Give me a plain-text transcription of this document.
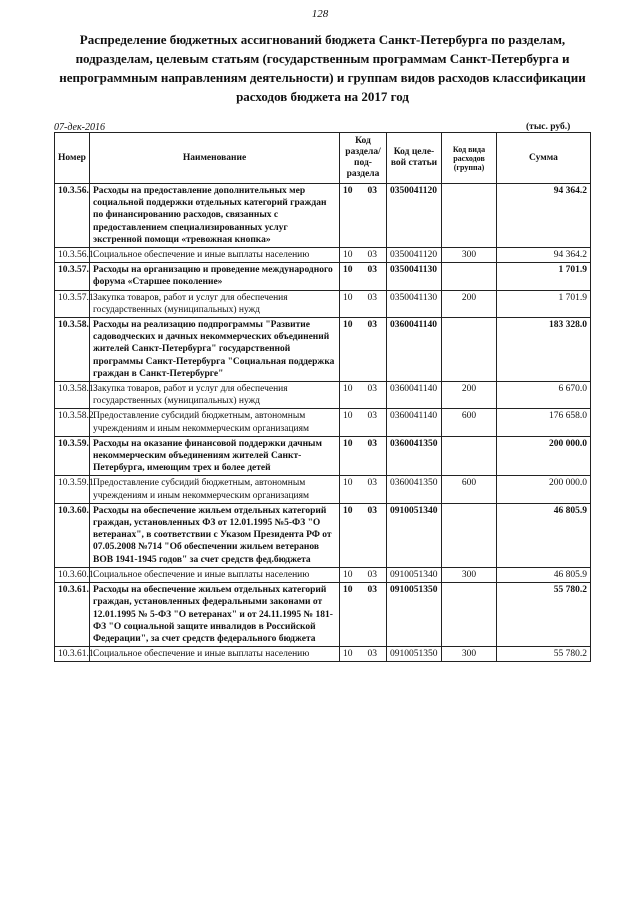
128
Распределение бюджетных ассигнований бюджета Санкт-Петербурга по разделам, подразделам, целевым статьям (государственным программам Санкт-Петербурга и непрограммным направлениям деятельности) и группам видов расходов классификации расходов бюджета на 2017 год
07-дек-2016	(тыс. руб.)
Номер	Наименование	Код раздела/ под- раздела	Код целе- вой статьи	Код вида расходов (группа)	Сумма
10.3.56.	Расходы на предоставление дополнительных мер социальной поддержки отдельных категорий граждан по финансированию расходов, связанных с предоставлением специализированных услуг экстренной помощи «тревожная кнопка»	10 03	0350041120		94 364.2
10.3.56.1.	Социальное обеспечение и иные выплаты населению	10 03	0350041120	300	94 364.2
10.3.57.	Расходы на организацию и проведение международного форума «Старшее поколение»	10 03	0350041130		1 701.9
10.3.57.1.	Закупка товаров, работ и услуг для обеспечения государственных (муниципальных) нужд	10 03	0350041130	200	1 701.9
10.3.58.	Расходы на реализацию подпрограммы "Развитие садоводческих и дачных некоммерческих объединений жителей Санкт-Петербурга" государственной программы Санкт-Петербурга "Социальная поддержка граждан в Санкт-Петербурге"	10 03	0360041140		183 328.0
10.3.58.1.	Закупка товаров, работ и услуг для обеспечения государственных (муниципальных) нужд	10 03	0360041140	200	6 670.0
10.3.58.2.	Предоставление субсидий бюджетным, автономным учреждениям и иным некоммерческим организациям	10 03	0360041140	600	176 658.0
10.3.59.	Расходы на оказание финансовой поддержки дачным некоммерческим объединениям жителей Санкт-Петербурга, имеющим трех и более детей	10 03	0360041350		200 000.0
10.3.59.1.	Предоставление субсидий бюджетным, автономным учреждениям и иным некоммерческим организациям	10 03	0360041350	600	200 000.0
10.3.60.	Расходы на обеспечение жильем отдельных категорий граждан, установленных ФЗ от 12.01.1995 №5-ФЗ "О ветеранах", в соответствии с Указом Президента РФ от 07.05.2008 №714 "Об обеспечении жильем ветеранов ВОВ 1941-1945 годов" за счет средств фед.бюджета	10 03	0910051340		46 805.9
10.3.60.1.	Социальное обеспечение и иные выплаты населению	10 03	0910051340	300	46 805.9
10.3.61.	Расходы на обеспечение жильем отдельных категорий граждан, установленных федеральными законами от 12.01.1995 № 5-ФЗ "О ветеранах" и от 24.11.1995 № 181-ФЗ "О социальной защите инвалидов в Российской Федерации", за счет средств федерального бюджета	10 03	0910051350		55 780.2
10.3.61.1.	Социальное обеспечение и иные выплаты населению	10 03	0910051350	300	55 780.2
